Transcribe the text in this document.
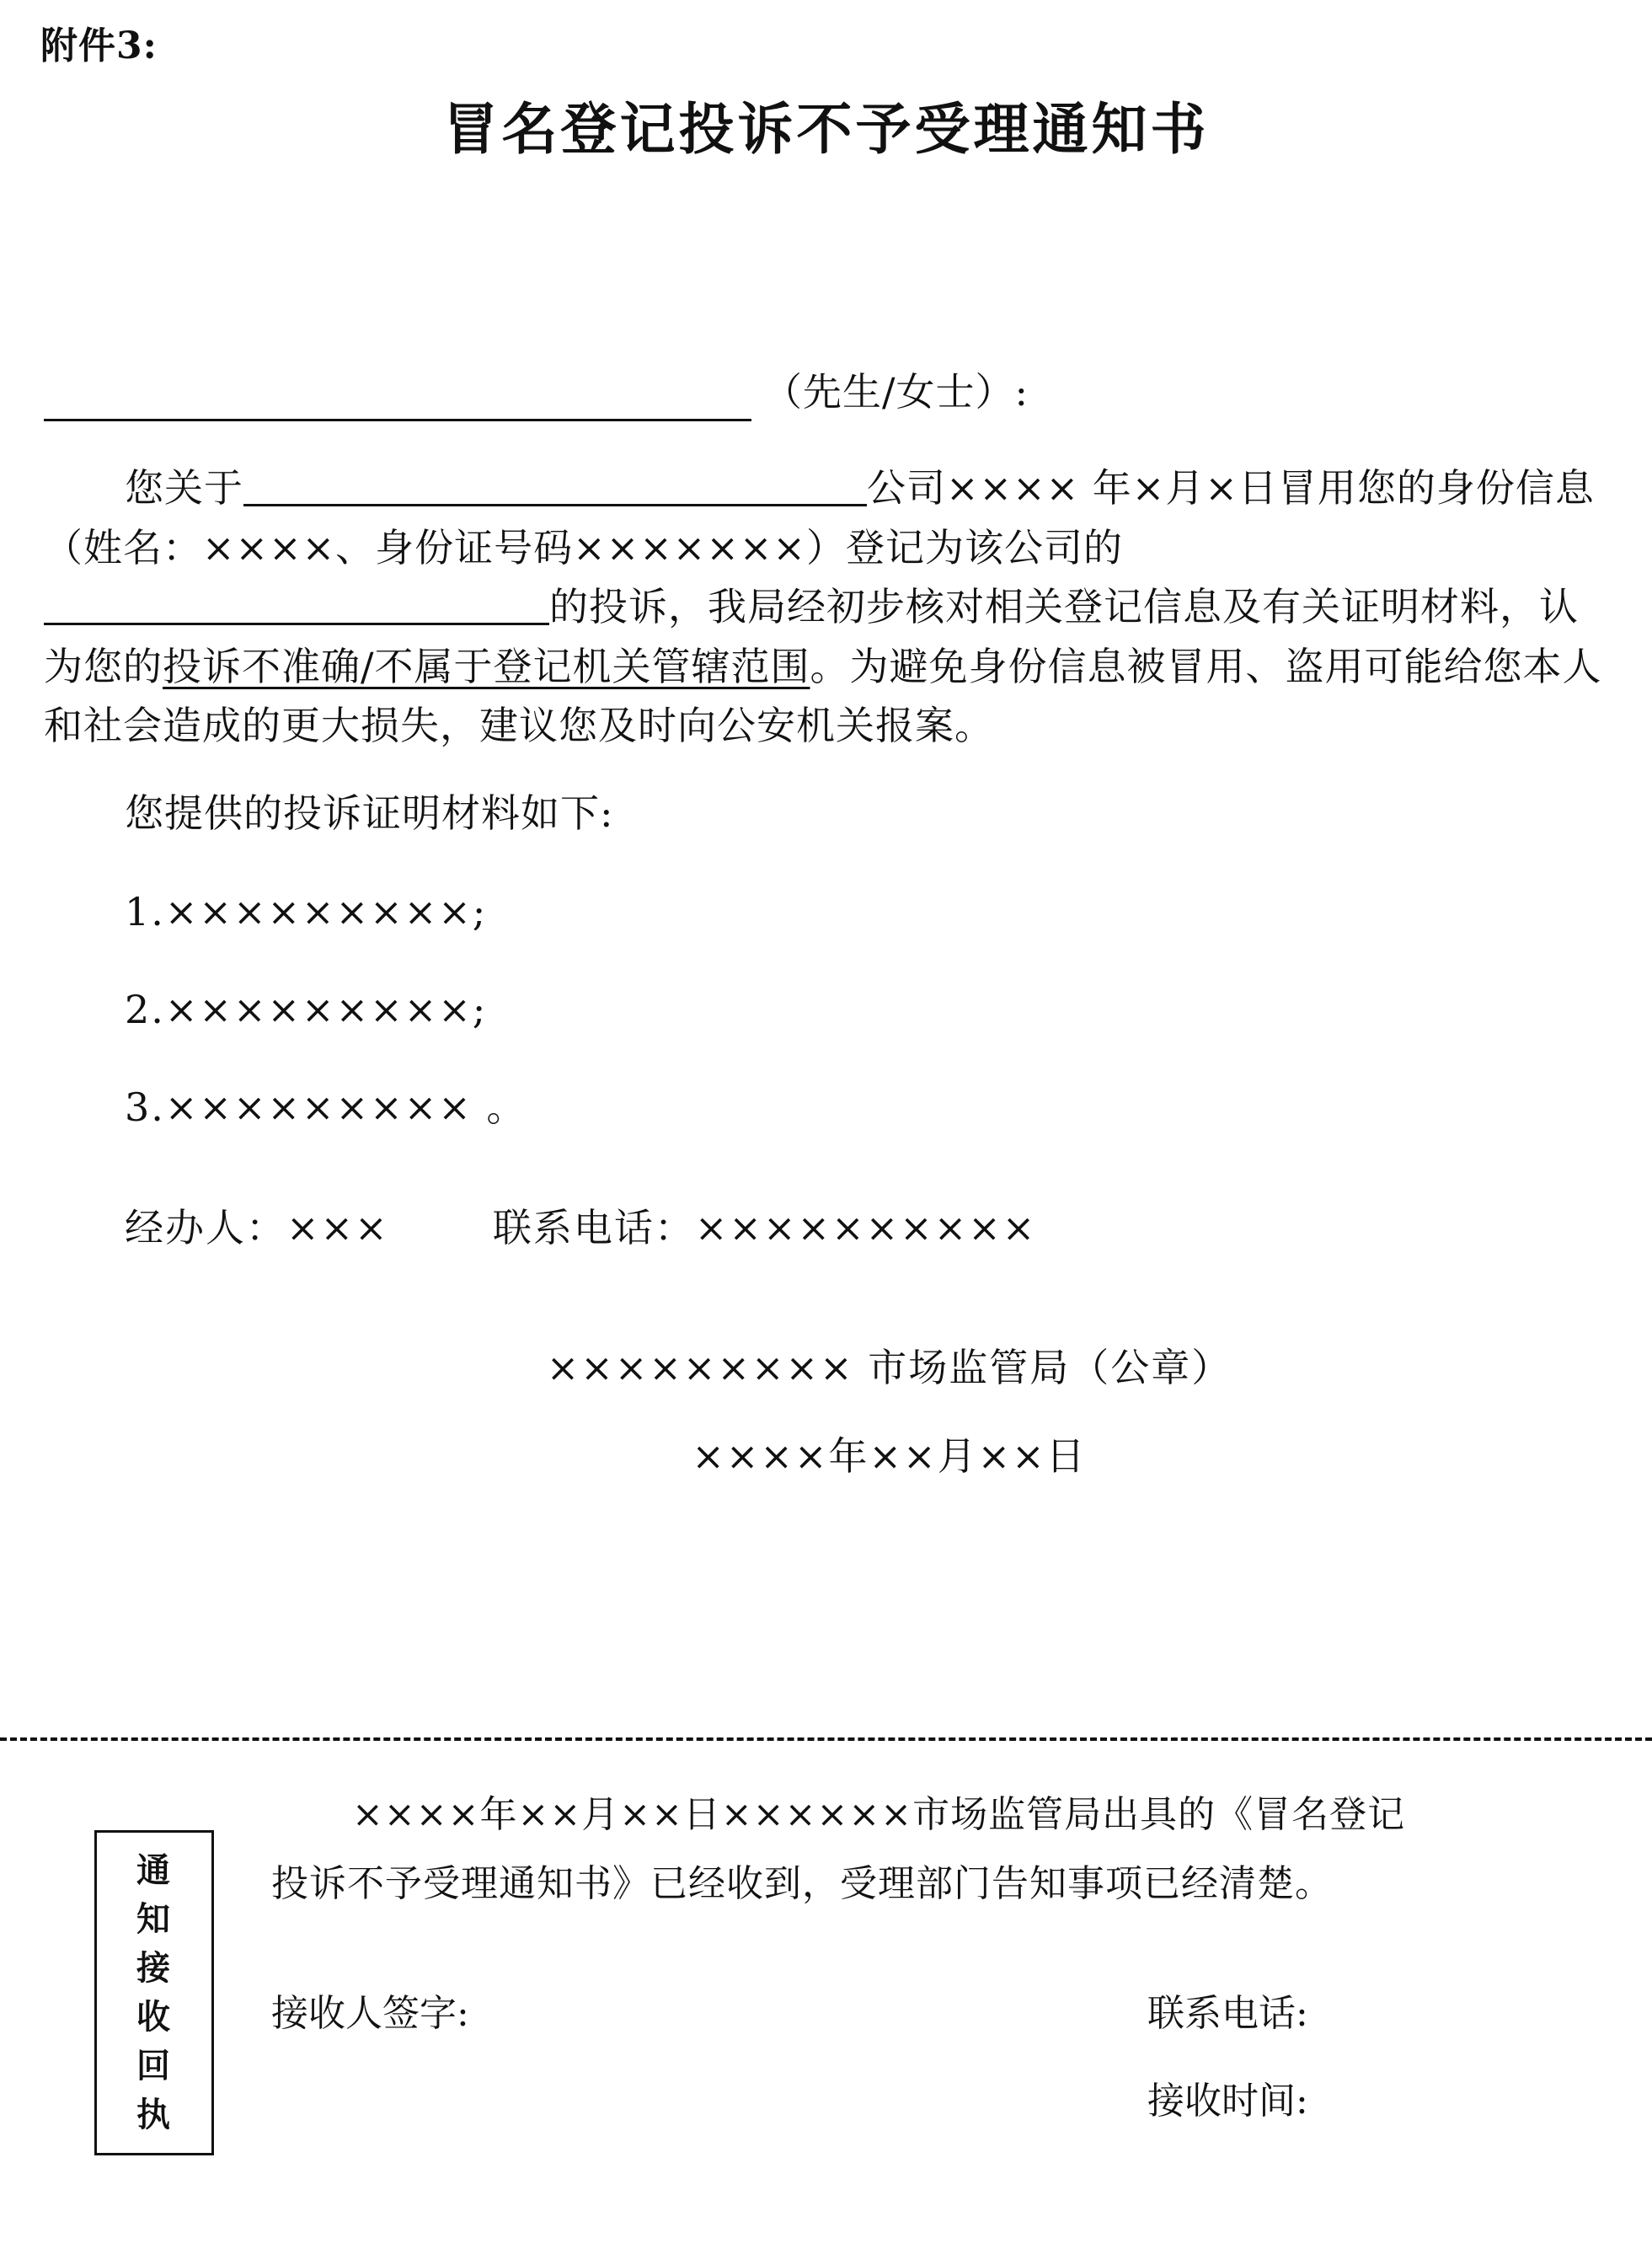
附件3:
冒名登记投诉不予受理通知书
（先生/女士）:

您关于	公司×××× 年×月×日冒用您的身份信息（姓名：××××、身份证号码×××××××）登记为该公司的的投诉，我局经初步核对相关登记信息及有关证明材料，认为您的投诉不准确/不属于登记机关管辖范围。为避免身份信息被冒用、盗用可能给您本人和社会造成的更大损失，建议您及时向公安机关报案。

您提供的投诉证明材料如下:

1.×××××××××;

2.×××××××××;

3.××××××××× 。

经办人：×××	联系电话：××××××××××
××××××××× 市场监管局（公章）
××××年××月××日
通
知
接
收
回
执
××××年××月××日××××××市场监管局出具的《冒名登记
投诉不予受理通知书》已经收到，受理部门告知事项已经清楚。
接收人签字:	联系电话:
接收时间:
